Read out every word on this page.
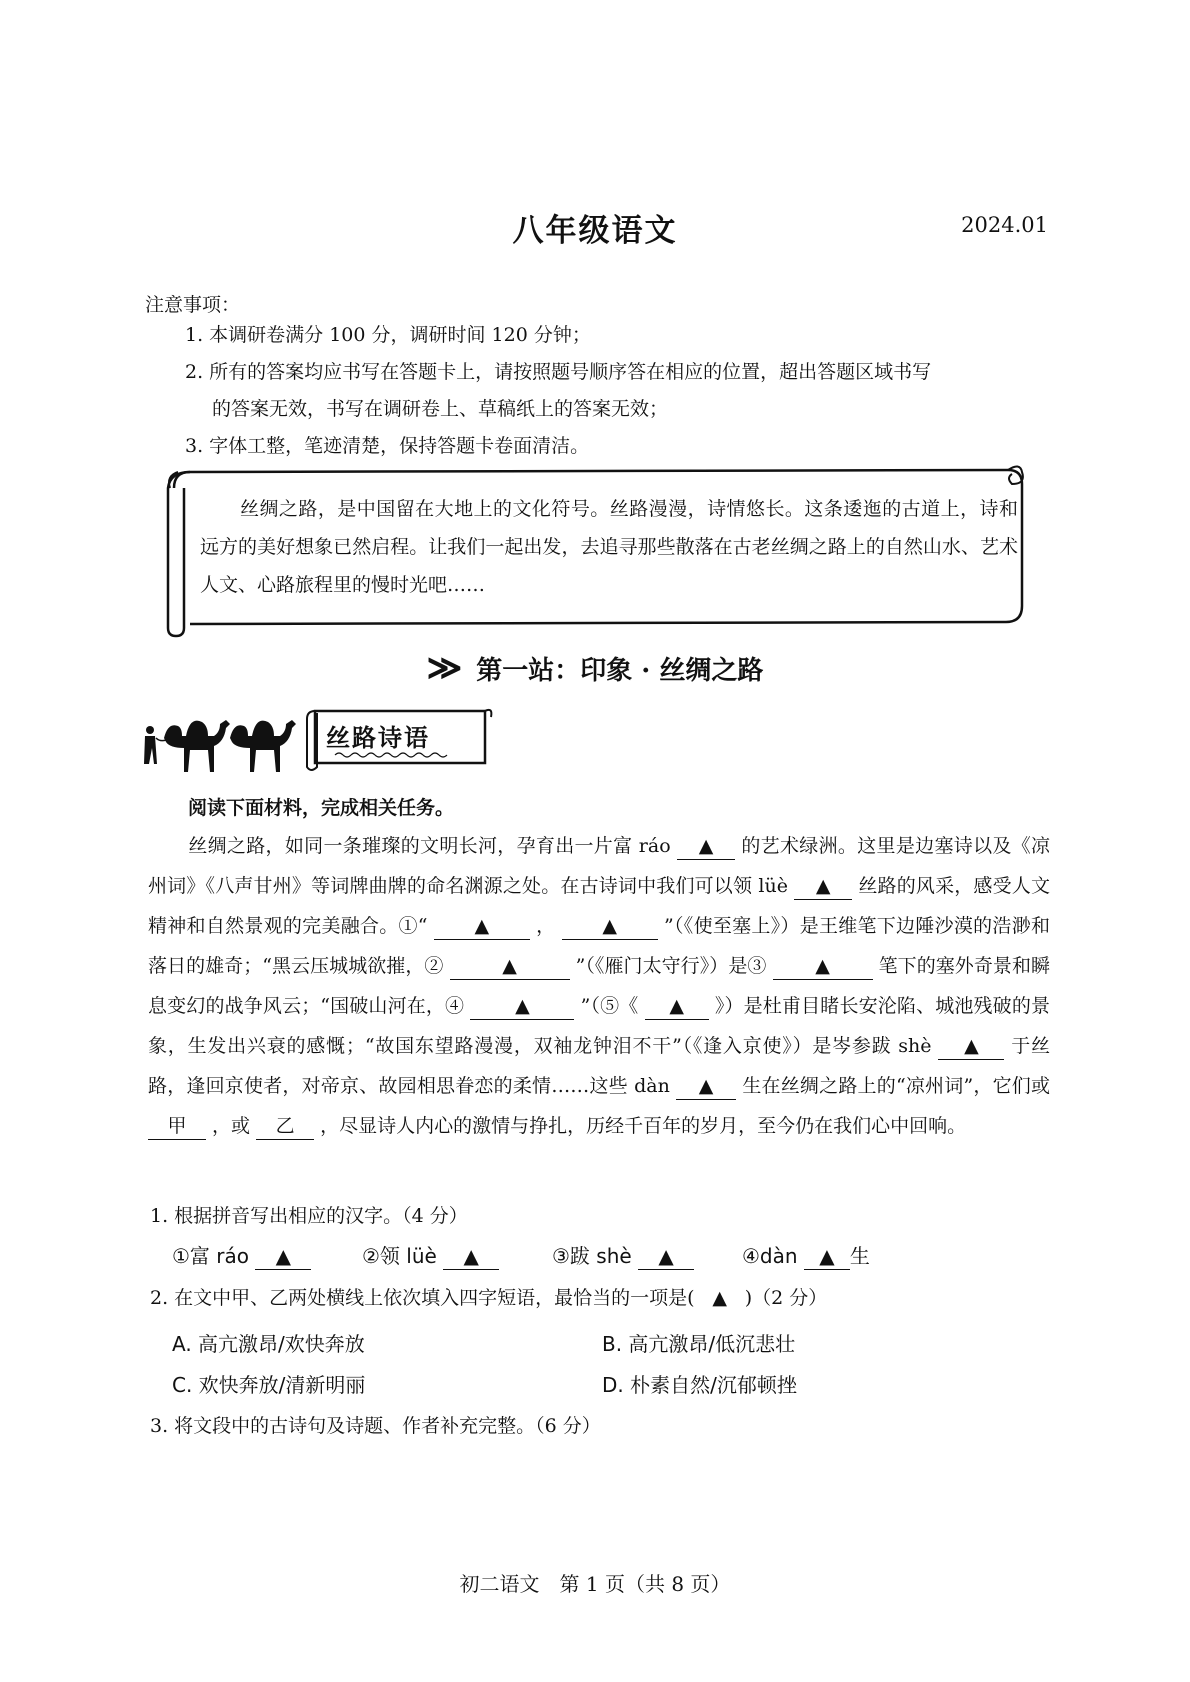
八年级语文	2024.01
注意事项：
1. 本调研卷满分 100 分，调研时间 120 分钟；
2. 所有的答案均应书写在答题卡上，请按照题号顺序答在相应的位置，超出答题区域书写
的答案无效，书写在调研卷上、草稿纸上的答案无效；
3. 字体工整，笔迹清楚，保持答题卡卷面清洁。
丝绸之路，是中国留在大地上的文化符号。丝路漫漫，诗情悠长。这条逶迤的古道上，诗和远方的美好想象已然启程。让我们一起出发，去追寻那些散落在古老丝绸之路上的自然山水、艺术人文、心路旅程里的慢时光吧……
≫ 第一站：印象 · 丝绸之路
丝路诗语
阅读下面材料，完成相关任务。
丝绸之路，如同一条璀璨的文明长河，孕育出一片富 ráo ▲ 的艺术绿洲。这里是边塞诗以及《凉州词》《八声甘州》等词牌曲牌的命名渊源之处。在古诗词中我们可以领 lüè ▲ 丝路的风采，感受人文精神和自然景观的完美融合。①“ ▲ ， ▲ ”（《使至塞上》）是王维笔下边陲沙漠的浩渺和落日的雄奇；“黑云压城城欲摧，②	▲	”（《雁门太守行》）是③	▲	笔下的塞外奇景和瞬息变幻的战争风云；“国破山河在，④	▲	”（⑤《 ▲ 》）是杜甫目睹长安沦陷、城池残破的景象，生发出兴衰的感慨；“故国东望路漫漫，双袖龙钟泪不干”（《逢入京使》）是岑参跋 shè ▲ 于丝路，逢回京使者，对帝京、故园相思眷恋的柔情……这些 dàn ▲ 生在丝绸之路上的“凉州词”，它们或 甲 ，或 乙 ，尽显诗人内心的激情与挣扎，历经千百年的岁月，至今仍在我们心中回响。
1. 根据拼音写出相应的汉字。（4 分）
①富 ráo ▲	②领 lüè ▲	③跋 shè ▲	④dàn ▲ 生
2. 在文中甲、乙两处横线上依次填入四字短语，最恰当的一项是( ▲ )（2 分）
A. 高亢激昂/欢快奔放	B. 高亢激昂/低沉悲壮
C. 欢快奔放/清新明丽	D. 朴素自然/沉郁顿挫
3. 将文段中的古诗句及诗题、作者补充完整。（6 分）
初二语文　第 1 页（共 8 页）
